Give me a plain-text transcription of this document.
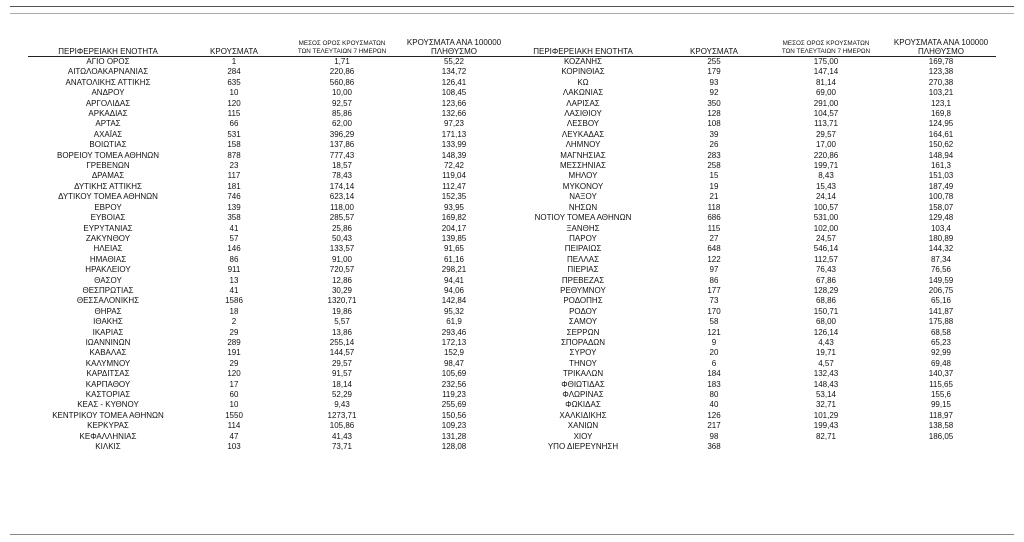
ΠΕΡΙΦΕΡΕΙΑΚΗ ΕΝΟΤΗΤΑ	ΚΡΟΥΣΜΑΤΑ	ΜΕΣΟΣ ΟΡΟΣ ΚΡΟΥΣΜΑΤΩΝ
ΤΩΝ ΤΕΛΕΥΤΑΙΩΝ 7 ΗΜΕΡΩΝ	ΚΡΟΥΣΜΑΤΑ ΑΝΑ 100000
ΠΛΗΘΥΣΜΟ
ΑΓΙΟ ΟΡΟΣ	1	1,71	55,22
ΑΙΤΩΛΟΑΚΑΡΝΑΝΙΑΣ	284	220,86	134,72
ΑΝΑΤΟΛΙΚΗΣ ΑΤΤΙΚΗΣ	635	560,86	126,41
ΑΝΔΡΟΥ	10	10,00	108,45
ΑΡΓΟΛΙΔΑΣ	120	92,57	123,66
ΑΡΚΑΔΙΑΣ	115	85,86	132,66
ΑΡΤΑΣ	66	62,00	97,23
ΑΧΑΪΑΣ	531	396,29	171,13
ΒΟΙΩΤΙΑΣ	158	137,86	133,99
ΒΟΡΕΙΟΥ ΤΟΜΕΑ ΑΘΗΝΩΝ	878	777,43	148,39
ΓΡΕΒΕΝΩΝ	23	18,57	72,42
ΔΡΑΜΑΣ	117	78,43	119,04
ΔΥΤΙΚΗΣ ΑΤΤΙΚΗΣ	181	174,14	112,47
ΔΥΤΙΚΟΥ ΤΟΜΕΑ ΑΘΗΝΩΝ	746	623,14	152,35
ΕΒΡΟΥ	139	118,00	93,95
ΕΥΒΟΙΑΣ	358	285,57	169,82
ΕΥΡΥΤΑΝΙΑΣ	41	25,86	204,17
ΖΑΚΥΝΘΟΥ	57	50,43	139,85
ΗΛΕΙΑΣ	146	133,57	91,65
ΗΜΑΘΙΑΣ	86	91,00	61,16
ΗΡΑΚΛΕΙΟΥ	911	720,57	298,21
ΘΑΣΟΥ	13	12,86	94,41
ΘΕΣΠΡΩΤΙΑΣ	41	30,29	94,06
ΘΕΣΣΑΛΟΝΙΚΗΣ	1586	1320,71	142,84
ΘΗΡΑΣ	18	19,86	95,32
ΙΘΑΚΗΣ	2	5,57	61,9
ΙΚΑΡΙΑΣ	29	13,86	293,46
ΙΩΑΝΝΙΝΩΝ	289	255,14	172,13
ΚΑΒΑΛΑΣ	191	144,57	152,9
ΚΑΛΥΜΝΟΥ	29	29,57	98,47
ΚΑΡΔΙΤΣΑΣ	120	91,57	105,69
ΚΑΡΠΑΘΟΥ	17	18,14	232,56
ΚΑΣΤΟΡΙΑΣ	60	52,29	119,23
ΚΕΑΣ - ΚΥΘΝΟΥ	10	9,43	255,69
ΚΕΝΤΡΙΚΟΥ ΤΟΜΕΑ ΑΘΗΝΩΝ	1550	1273,71	150,56
ΚΕΡΚΥΡΑΣ	114	105,86	109,23
ΚΕΦΑΛΛΗΝΙΑΣ	47	41,43	131,28
ΚΙΛΚΙΣ	103	73,71	128,08
ΠΕΡΙΦΕΡΕΙΑΚΗ ΕΝΟΤΗΤΑ	ΚΡΟΥΣΜΑΤΑ	ΜΕΣΟΣ ΟΡΟΣ ΚΡΟΥΣΜΑΤΩΝ
ΤΩΝ ΤΕΛΕΥΤΑΙΩΝ 7 ΗΜΕΡΩΝ	ΚΡΟΥΣΜΑΤΑ ΑΝΑ 100000
ΠΛΗΘΥΣΜΟ
ΚΟΖΑΝΗΣ	255	175,00	169,78
ΚΟΡΙΝΘΙΑΣ	179	147,14	123,38
ΚΩ	93	81,14	270,38
ΛΑΚΩΝΙΑΣ	92	69,00	103,21
ΛΑΡΙΣΑΣ	350	291,00	123,1
ΛΑΣΙΘΙΟΥ	128	104,57	169,8
ΛΕΣΒΟΥ	108	113,71	124,95
ΛΕΥΚΑΔΑΣ	39	29,57	164,61
ΛΗΜΝΟΥ	26	17,00	150,62
ΜΑΓΝΗΣΙΑΣ	283	220,86	148,94
ΜΕΣΣΗΝΙΑΣ	258	199,71	161,3
ΜΗΛΟΥ	15	8,43	151,03
ΜΥΚΟΝΟΥ	19	15,43	187,49
ΝΑΞΟΥ	21	24,14	100,78
ΝΗΣΩΝ	118	100,57	158,07
ΝΟΤΙΟΥ ΤΟΜΕΑ ΑΘΗΝΩΝ	686	531,00	129,48
ΞΑΝΘΗΣ	115	102,00	103,4
ΠΑΡΟΥ	27	24,57	180,89
ΠΕΙΡΑΙΩΣ	648	546,14	144,32
ΠΕΛΛΑΣ	122	112,57	87,34
ΠΙΕΡΙΑΣ	97	76,43	76,56
ΠΡΕΒΕΖΑΣ	86	67,86	149,59
ΡΕΘΥΜΝΟΥ	177	128,29	206,75
ΡΟΔΟΠΗΣ	73	68,86	65,16
ΡΟΔΟΥ	170	150,71	141,87
ΣΑΜΟΥ	58	68,00	175,88
ΣΕΡΡΩΝ	121	126,14	68,58
ΣΠΟΡΑΔΩΝ	9	4,43	65,23
ΣΥΡΟΥ	20	19,71	92,99
ΤΗΝΟΥ	6	4,57	69,48
ΤΡΙΚΑΛΩΝ	184	132,43	140,37
ΦΘΙΩΤΙΔΑΣ	183	148,43	115,65
ΦΛΩΡΙΝΑΣ	80	53,14	155,6
ΦΩΚΙΔΑΣ	40	32,71	99,15
ΧΑΛΚΙΔΙΚΗΣ	126	101,29	118,97
ΧΑΝΙΩΝ	217	199,43	138,58
ΧΙΟΥ	98	82,71	186,05
ΥΠΟ ΔΙΕΡΕΥΝΗΣΗ	368		
